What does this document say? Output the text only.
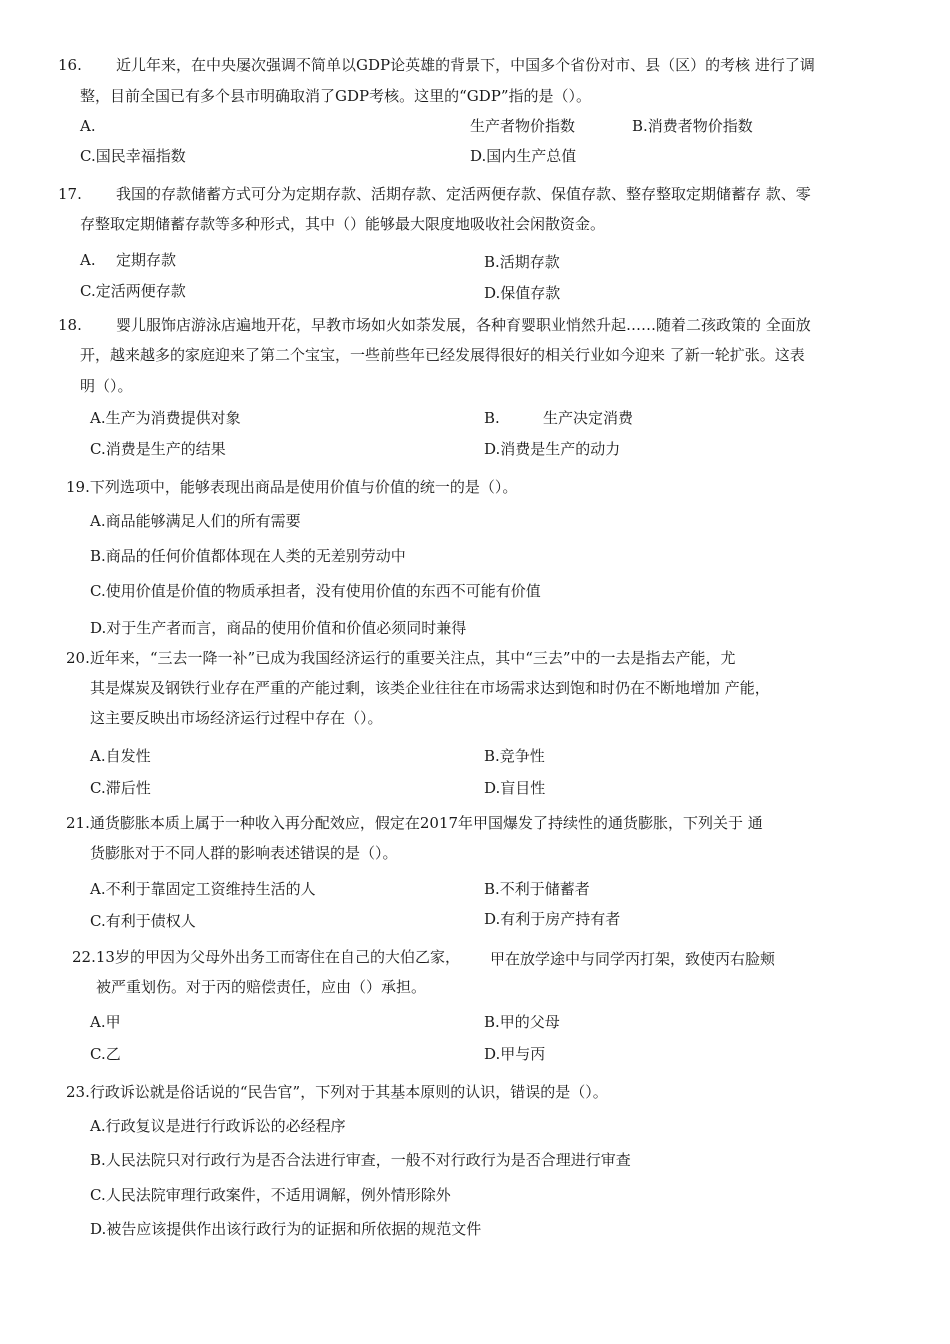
16. 近儿年来，在中央屡次强调不简单以GDP论英雄的背景下，中国多个省份对市、县（区）的考核 进行了调
整，目前全国已有多个县市明确取消了GDP考核。这里的“GDP”指的是（）。
A.	生产者物价指数	B.消费者物价指数
C.国民幸福指数	D.国内生产总值
17. 我国的存款储蓄方式可分为定期存款、活期存款、定活两便存款、保值存款、整存整取定期储蓄存 款、零
存整取定期储蓄存款等多种形式，其中（）能够最大限度地吸收社会闲散资金。
A. 定期存款	B.活期存款
C.定活两便存款	D.保值存款
18. 婴儿服饰店游泳店遍地开花，早教市场如火如荼发展，各种育婴职业悄然升起……随着二孩政策的 全面放
开，越来越多的家庭迎来了第二个宝宝，一些前些年已经发展得很好的相关行业如今迎来 了新一轮扩张。这表
明（）。
A.生产为消费提供对象	B.	生产决定消费
C.消费是生产的结果	D.消费是生产的动力
19.下列选项中，能够表现出商品是使用价值与价值的统一的是（）。
A.商品能够满足人们的所有需要
B.商品的任何价值都体现在人类的无差别劳动中
C.使用价值是价值的物质承担者，没有使用价值的东西不可能有价值
D.对于生产者而言，商品的使用价值和价值必须同时兼得
20.近年来，“三去一降一补”已成为我国经济运行的重要关注点，其中“三去”中的一去是指去产能，尤
其是煤炭及钢铁行业存在严重的产能过剩，该类企业往往在市场需求达到饱和时仍在不断地增加 产能，
这主要反映出市场经济运行过程中存在（）。
A.自发性	B.竞争性
C.滞后性	D.盲目性
21.通货膨胀本质上属于一种收入再分配效应，假定在2017年甲国爆发了持续性的通货膨胀，下列关于 通
货膨胀对于不同人群的影响表述错误的是（）。
A.不利于靠固定工资维持生活的人	B.不利于储蓄者
C.有利于债权人	D.有利于房产持有者
22.13岁的甲因为父母外出务工而寄住在自己的大伯乙家， 甲在放学途中与同学丙打架，致使丙右脸颊
被严重划伤。对于丙的赔偿责任，应由（）承担。
A.甲	B.甲的父母
C.乙	D.甲与丙
23.行政诉讼就是俗话说的“民告官”，下列对于其基本原则的认识，错误的是（）。
A.行政复议是进行行政诉讼的必经程序
B.人民法院只对行政行为是否合法进行审查，一般不对行政行为是否合理进行审查
C.人民法院审理行政案件，不适用调解，例外情形除外
D.被告应该提供作出该行政行为的证据和所依据的规范文件
